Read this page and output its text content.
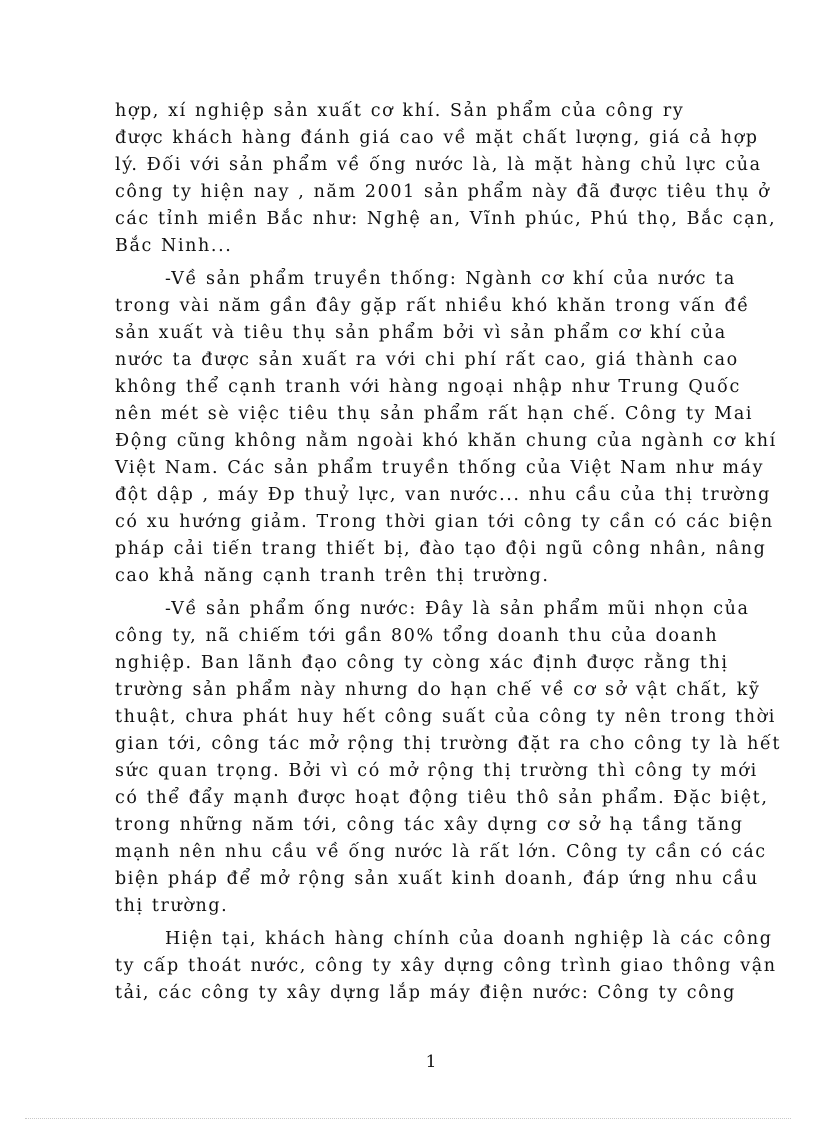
hợp, xí nghiệp sản xuất cơ khí. Sản phẩm của công ry
được khách hàng đánh giá cao về mặt chất lượng, giá cả hợp
lý. Đối với sản phẩm về ống nước là, là mặt hàng chủ lực của
công ty hiện nay , năm 2001 sản phẩm này đã được tiêu thụ ở
các tỉnh miền Bắc như: Nghệ an, Vĩnh phúc, Phú thọ, Bắc cạn,
Bắc Ninh...

-Về sản phẩm truyền thống: Ngành cơ khí của nước ta
trong vài năm gần đây gặp rất nhiều khó khăn trong vấn đề
sản xuất và tiêu thụ sản phẩm bởi vì sản phẩm cơ khí của
nước ta được sản xuất ra với chi phí rất cao, giá thành cao
không thể cạnh tranh với hàng ngoại nhập như Trung Quốc
nên mét sè việc tiêu thụ sản phẩm rất hạn chế. Công ty Mai
Động cũng không nằm ngoài khó khăn chung của ngành cơ khí
Việt Nam. Các sản phẩm truyền thống của Việt Nam như máy
đột dập , máy Đp thuỷ lực, van nước... nhu cầu của thị trường
có xu hướng giảm. Trong thời gian tới công ty cần có các biện
pháp cải tiến trang thiết bị, đào tạo đội ngũ công nhân, nâng
cao khả năng cạnh tranh trên thị trường.

-Về sản phẩm ống nước: Đây là sản phẩm mũi nhọn của
công ty, nã chiếm tới gần 80% tổng doanh thu của doanh
nghiệp. Ban lãnh đạo công ty còng xác định được rằng thị
trường sản phẩm này nhưng do hạn chế về cơ sở vật chất, kỹ
thuật, chưa phát huy hết công suất của công ty nên trong thời
gian tới, công tác mở rộng thị trường đặt ra cho công ty là hết
sức quan trọng. Bởi vì có mở rộng thị trường thì công ty mới
có thể đẩy mạnh được hoạt động tiêu thô sản phẩm. Đặc biệt,
trong những năm tới, công tác xây dựng cơ sở hạ tầng tăng
mạnh nên nhu cầu về ống nước là rất lớn. Công ty cần có các
biện pháp để mở rộng sản xuất kinh doanh, đáp ứng nhu cầu
thị trường.

Hiện tại, khách hàng chính của doanh nghiệp là các công
ty cấp thoát nước, công ty xây dựng công trình giao thông vận
tải, các công ty xây dựng lắp máy điện nước: Công ty công

1
